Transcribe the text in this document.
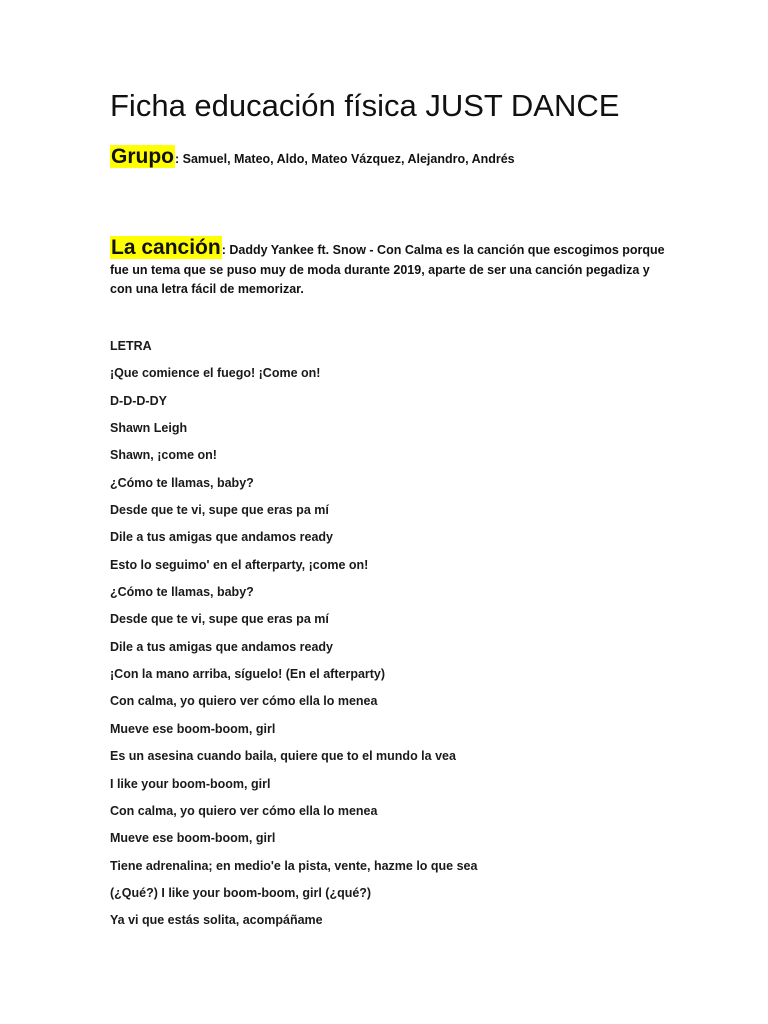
Ficha educación física JUST DANCE
Grupo: Samuel, Mateo, Aldo, Mateo Vázquez, Alejandro, Andrés
La canción: Daddy Yankee ft. Snow - Con Calma es la canción que escogimos porque fue un tema que se puso muy de moda durante 2019, aparte de ser una canción pegadiza y con una letra fácil de memorizar.
LETRA
¡Que comience el fuego! ¡Come on!
D-D-D-DY
Shawn Leigh
Shawn, ¡come on!
¿Cómo te llamas, baby?
Desde que te vi, supe que eras pa mí
Dile a tus amigas que andamos ready
Esto lo seguimo' en el afterparty, ¡come on!
¿Cómo te llamas, baby?
Desde que te vi, supe que eras pa mí
Dile a tus amigas que andamos ready
¡Con la mano arriba, síguelo! (En el afterparty)
Con calma, yo quiero ver cómo ella lo menea
Mueve ese boom-boom, girl
Es un asesina cuando baila, quiere que to el mundo la vea
I like your boom-boom, girl
Con calma, yo quiero ver cómo ella lo menea
Mueve ese boom-boom, girl
Tiene adrenalina; en medio'e la pista, vente, hazme lo que sea
(¿Qué?) I like your boom-boom, girl (¿qué?)
Ya vi que estás solita, acompáñame
